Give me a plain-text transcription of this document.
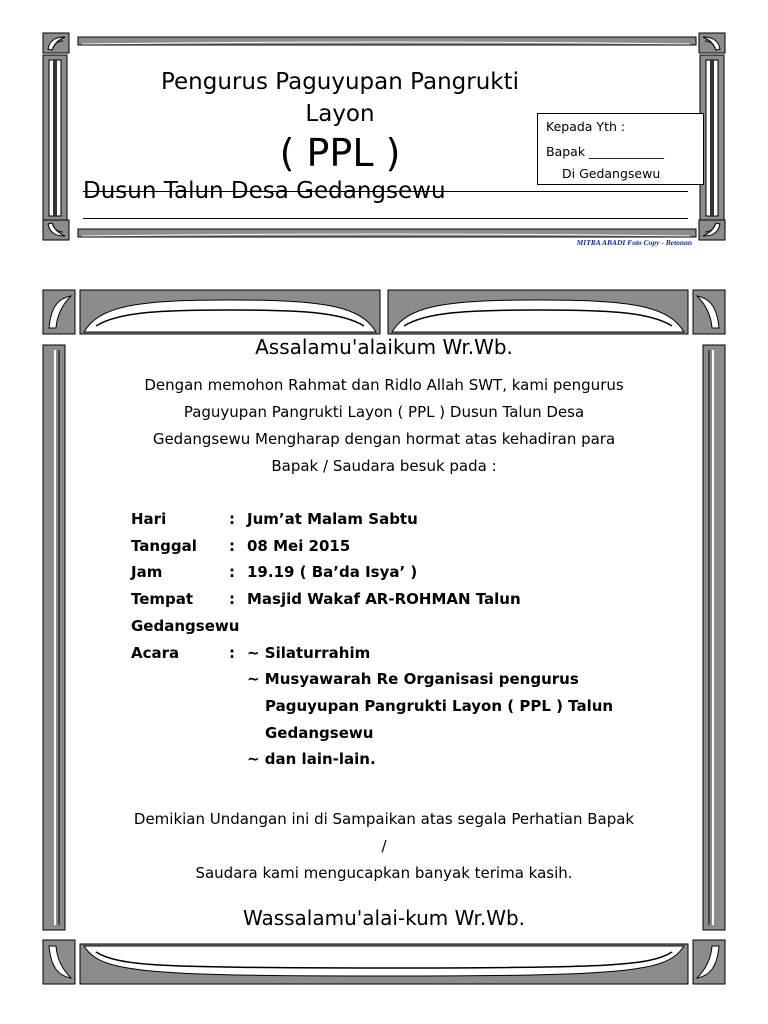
Pengurus Paguyupan Pangrukti
Layon
( PPL )
Dusun Talun Desa Gedangsewu
Kepada Yth :
Bapak ____________
Di Gedangsewu
MITRA ABADI Foto Copy - Betonan
Assalamu'alaikum Wr.Wb.
Dengan memohon Rahmat dan Ridlo Allah SWT, kami pengurus
Paguyupan Pangrukti Layon ( PPL ) Dusun Talun Desa
Gedangsewu Mengharap dengan hormat atas kehadiran para
Bapak / Saudara besuk pada :
Hari	: Jum’at Malam Sabtu
Tanggal : 08 Mei 2015
Jam	: 19.19 ( Ba’da Isya’ )
Tempat : Masjid Wakaf AR-ROHMAN Talun
Gedangsewu
Acara	: ~ Silaturrahim
~ Musyawarah Re Organisasi pengurus
Paguyupan Pangrukti Layon ( PPL ) Talun
Gedangsewu
~ dan lain-lain.
Demikian Undangan ini di Sampaikan atas segala Perhatian Bapak
/
Saudara kami mengucapkan banyak terima kasih.
Wassalamu'alai-kum Wr.Wb.
